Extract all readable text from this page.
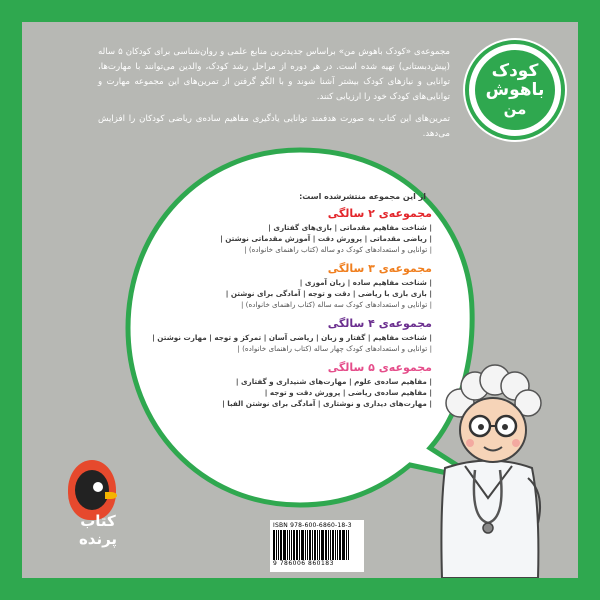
مجموعه‌ی «کودک باهوش من» براساس جدیدترین منابع علمی و روان‌شناسی برای کودکان ۵ ساله (پیش‌دبستانی) تهیه شده است. در هر دوره از مراحل رشد کودک، والدین می‌توانند با مهارت‌ها، توانایی و نیازهای کودک بیشتر آشنا شوند و با الگو گرفتن از تمرین‌های این مجموعه مهارت و توانایی‌های کودک خود را ارزیابی کنند.

تمرین‌های این کتاب به صورت هدفمند توانایی یادگیری مفاهیم ساده‌ی ریاضی کودکان را افزایش می‌دهد.

کودک
باهوش
من
از این مجموعه منتشرشده است:
مجموعه‌ی ۲ سالگی
| شناخت مفاهیم مقدماتی | بازی‌های گفتاری |
| ریاضی مقدماتی | پرورش دقت | آموزش مقدماتی نوشتن |
| توانایی و استعدادهای کودک دو ساله (کتاب راهنمای خانواده) |
مجموعه‌ی ۳ سالگی
| شناخت مفاهیم ساده | زبان آموزی |
| بازی بازی با ریاضی | دقت و توجه | آمادگی برای نوشتن |
| توانایی و استعدادهای کودک سه ساله (کتاب راهنمای خانواده) |
مجموعه‌ی ۴ سالگی
| شناخت مفاهیم | گفتار و زبان | ریاضی آسان | تمرکز و توجه | مهارت نوشتن |
| توانایی و استعدادهای کودک چهار ساله (کتاب راهنمای خانواده) |
مجموعه‌ی ۵ سالگی
| مفاهیم ساده‌ی علوم | مهارت‌های شنیداری و گفتاری |
| مفاهیم ساده‌ی ریاضی | پرورش دقت و توجه |
| مهارت‌های دیداری و نوشتاری | آمادگی برای نوشتن الفبا |
کتاب
پرنده
ISBN 978-600-6860-18-3
9 786006 860183
